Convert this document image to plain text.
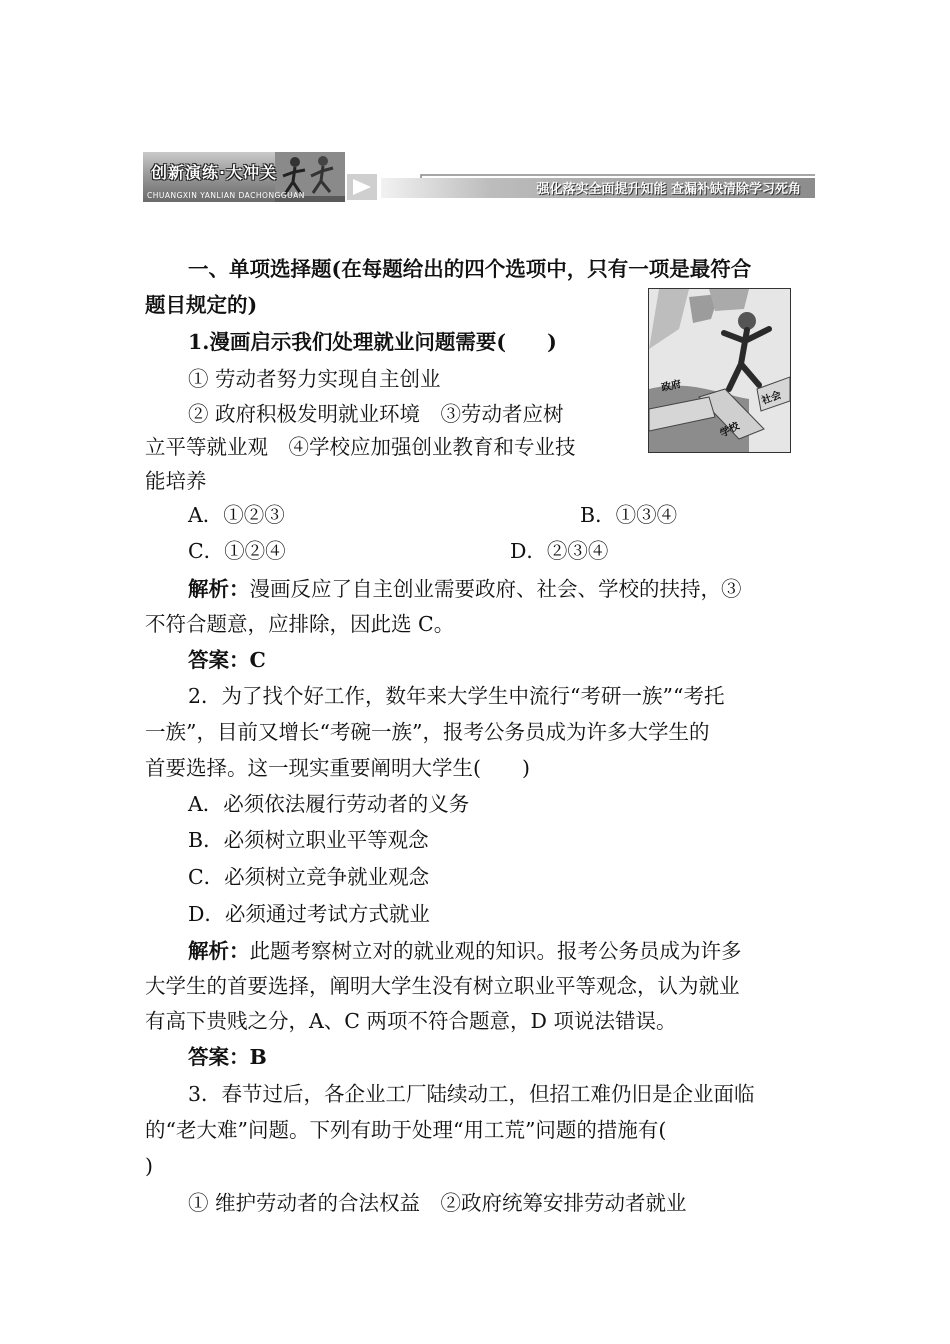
创新演练·大冲关
CHUANGXIN YANLIAN DACHONGGUAN	强化落实全面提升知能 查漏补缺清除学习死角
一、单项选择题(在每题给出的四个选项中，只有一项是最符合
题目规定的)
1.漫画启示我们处理就业问题需要(　　)
① 劳动者努力实现自主创业
② 政府积极发明就业环境　③劳动者应树
立平等就业观　④学校应加强创业教育和专业技
能培养
政府
社会
学校
A．①②③	B．①③④
C．①②④	D．②③④
解析：漫画反应了自主创业需要政府、社会、学校的扶持，③
不符合题意，应排除，因此选 C。
答案：C
2．为了找个好工作，数年来大学生中流行“考研一族”“考托
一族”，目前又增长“考碗一族”，报考公务员成为许多大学生的
首要选择。这一现实重要阐明大学生(　　)
A．必须依法履行劳动者的义务
B．必须树立职业平等观念
C．必须树立竞争就业观念
D．必须通过考试方式就业
解析：此题考察树立对的就业观的知识。报考公务员成为许多
大学生的首要选择，阐明大学生没有树立职业平等观念，认为就业
有高下贵贱之分，A、C 两项不符合题意，D 项说法错误。
答案：B
3．春节过后，各企业工厂陆续动工，但招工难仍旧是企业面临
的“老大难”问题。下列有助于处理“用工荒”问题的措施有(
)
① 维护劳动者的合法权益　②政府统筹安排劳动者就业
